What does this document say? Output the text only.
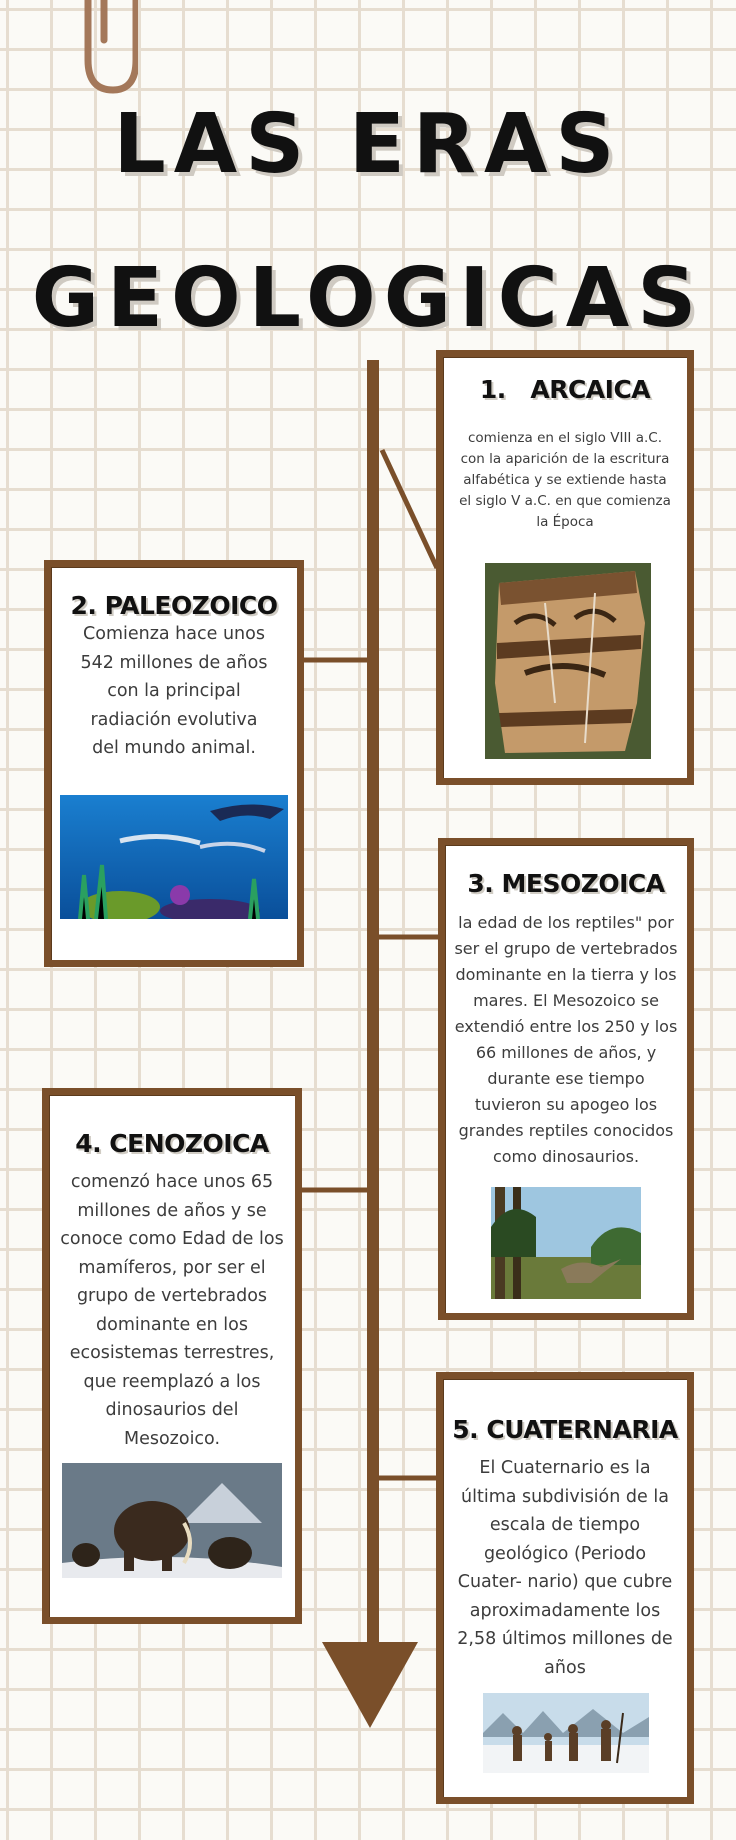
LAS ERAS
GEOLOGICAS
1.   ARCAICA

comienza en el siglo VIII a.C. con la aparición de la escritura alfabética y se extiende hasta el siglo V a.C. en que comienza la Época

2. PALEOZOICO

Comienza hace unos 542 millones de años con la principal radiación evolutiva del mundo animal.

3. MESOZOICA

la edad de los reptiles" por ser el grupo de vertebrados dominante en la tierra y los mares. El Mesozoico se extendió entre los 250 y los 66 millones de años, y durante ese tiempo tuvieron su apogeo los grandes reptiles conocidos como dinosaurios.

4. CENOZOICA

comenzó hace unos 65 millones de años y se conoce como Edad de los mamíferos, por ser el grupo de vertebrados dominante en los ecosistemas terrestres, que reemplazó a los dinosaurios del Mesozoico.	5. CUATERNARIA

El Cuaternario es la última subdivisión de la escala de tiempo geológico (Periodo Cuater- nario) que cubre aproximadamente los 2,58 últimos millones de años
